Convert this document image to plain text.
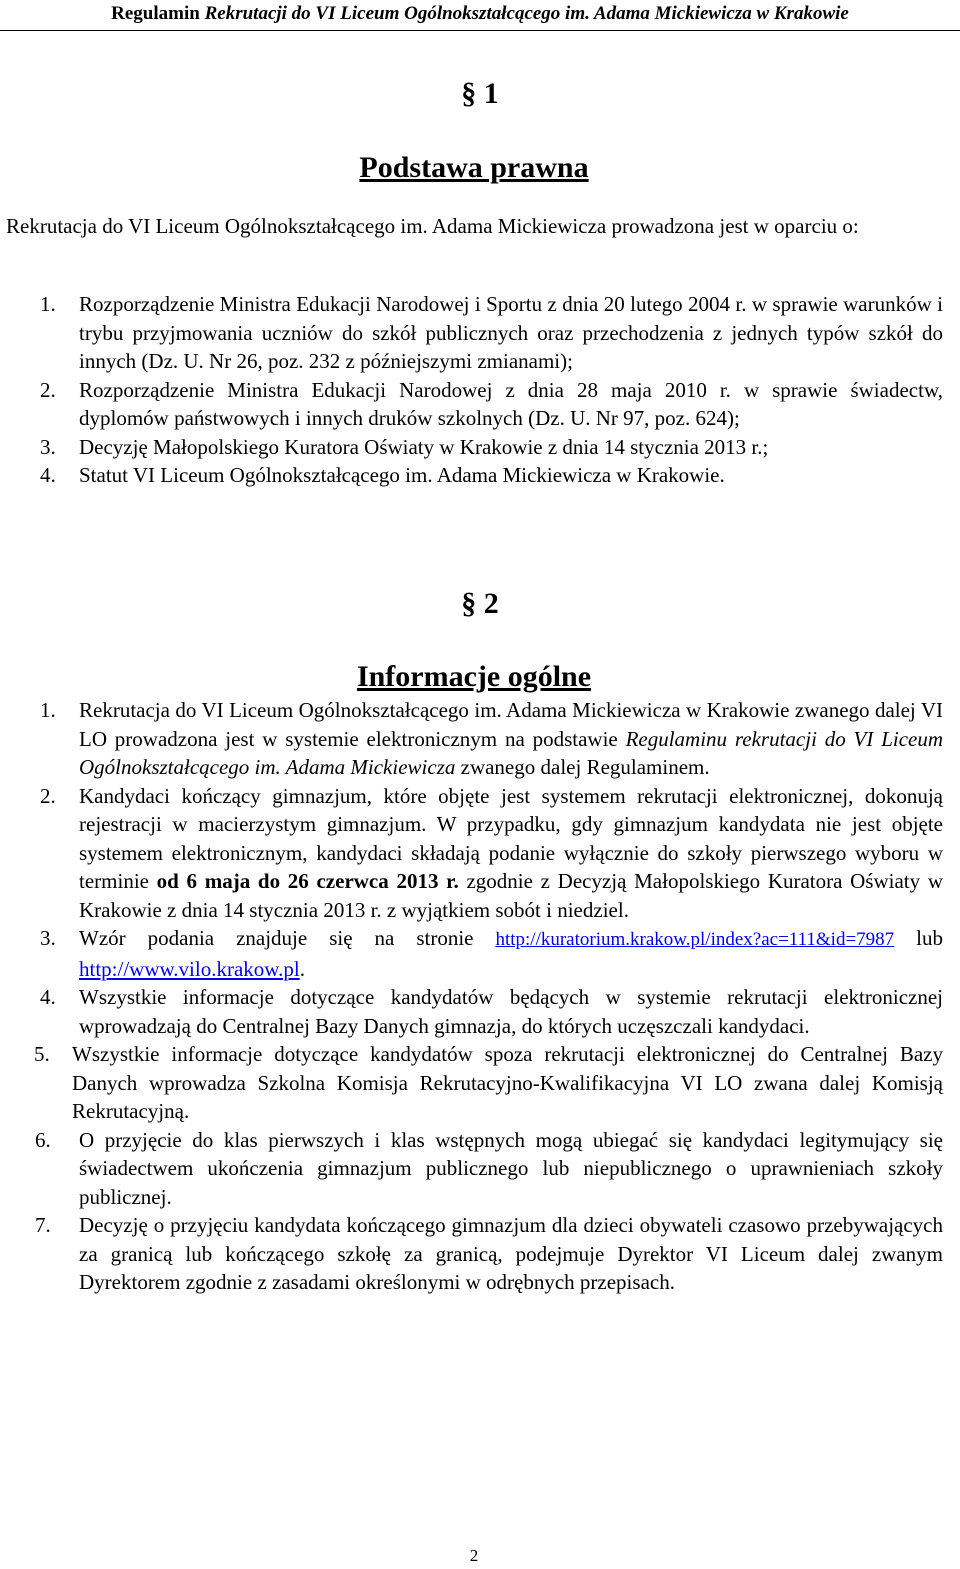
Regulamin Rekrutacji do VI Liceum Ogólnokształcącego im. Adama Mickiewicza w Krakowie
§ 1
Podstawa prawna
Rekrutacja do VI Liceum Ogólnokształcącego im. Adama Mickiewicza prowadzona jest w oparciu o:
1. Rozporządzenie Ministra Edukacji Narodowej i Sportu z dnia 20 lutego 2004 r. w sprawie warunków i trybu przyjmowania uczniów do szkół publicznych oraz przechodzenia z jednych typów szkół do innych (Dz. U. Nr 26, poz. 232 z późniejszymi zmianami);
2. Rozporządzenie Ministra Edukacji Narodowej z dnia 28 maja 2010 r. w sprawie świadectw, dyplomów państwowych i innych druków szkolnych (Dz. U. Nr 97, poz. 624);
3. Decyzję Małopolskiego Kuratora Oświaty w Krakowie z dnia 14 stycznia 2013 r.;
4. Statut VI Liceum Ogólnokształcącego im. Adama Mickiewicza w Krakowie.
§ 2
Informacje ogólne
1. Rekrutacja do VI Liceum Ogólnokształcącego im. Adama Mickiewicza w Krakowie zwanego dalej VI LO prowadzona jest w systemie elektronicznym na podstawie Regulaminu rekrutacji do VI Liceum Ogólnokształcącego im. Adama Mickiewicza zwanego dalej Regulaminem.
2. Kandydaci kończący gimnazjum, które objęte jest systemem rekrutacji elektronicznej, dokonują rejestracji w macierzystym gimnazjum. W przypadku, gdy gimnazjum kandydata nie jest objęte systemem elektronicznym, kandydaci składają podanie wyłącznie do szkoły pierwszego wyboru w terminie od 6 maja do 26 czerwca 2013 r. zgodnie z Decyzją Małopolskiego Kuratora Oświaty w Krakowie z dnia 14 stycznia 2013 r. z wyjątkiem sobót i niedziel.
3. Wzór podania znajduje się na stronie http://kuratorium.krakow.pl/index?ac=111&id=7987 lub http://www.vilo.krakow.pl.
4. Wszystkie informacje dotyczące kandydatów będących w systemie rekrutacji elektronicznej wprowadzają do Centralnej Bazy Danych gimnazja, do których uczęszczali kandydaci.
5. Wszystkie informacje dotyczące kandydatów spoza rekrutacji elektronicznej do Centralnej Bazy Danych wprowadza Szkolna Komisja Rekrutacyjno-Kwalifikacyjna VI LO zwana dalej Komisją Rekrutacyjną.
6. O przyjęcie do klas pierwszych i klas wstępnych mogą ubiegać się kandydaci legitymujący się świadectwem ukończenia gimnazjum publicznego lub niepublicznego o uprawnieniach szkoły publicznej.
7. Decyzję o przyjęciu kandydata kończącego gimnazjum dla dzieci obywateli czasowo przebywających za granicą lub kończącego szkołę za granicą, podejmuje Dyrektor VI Liceum dalej zwanym Dyrektorem zgodnie z zasadami określonymi w odrębnych przepisach.
2
